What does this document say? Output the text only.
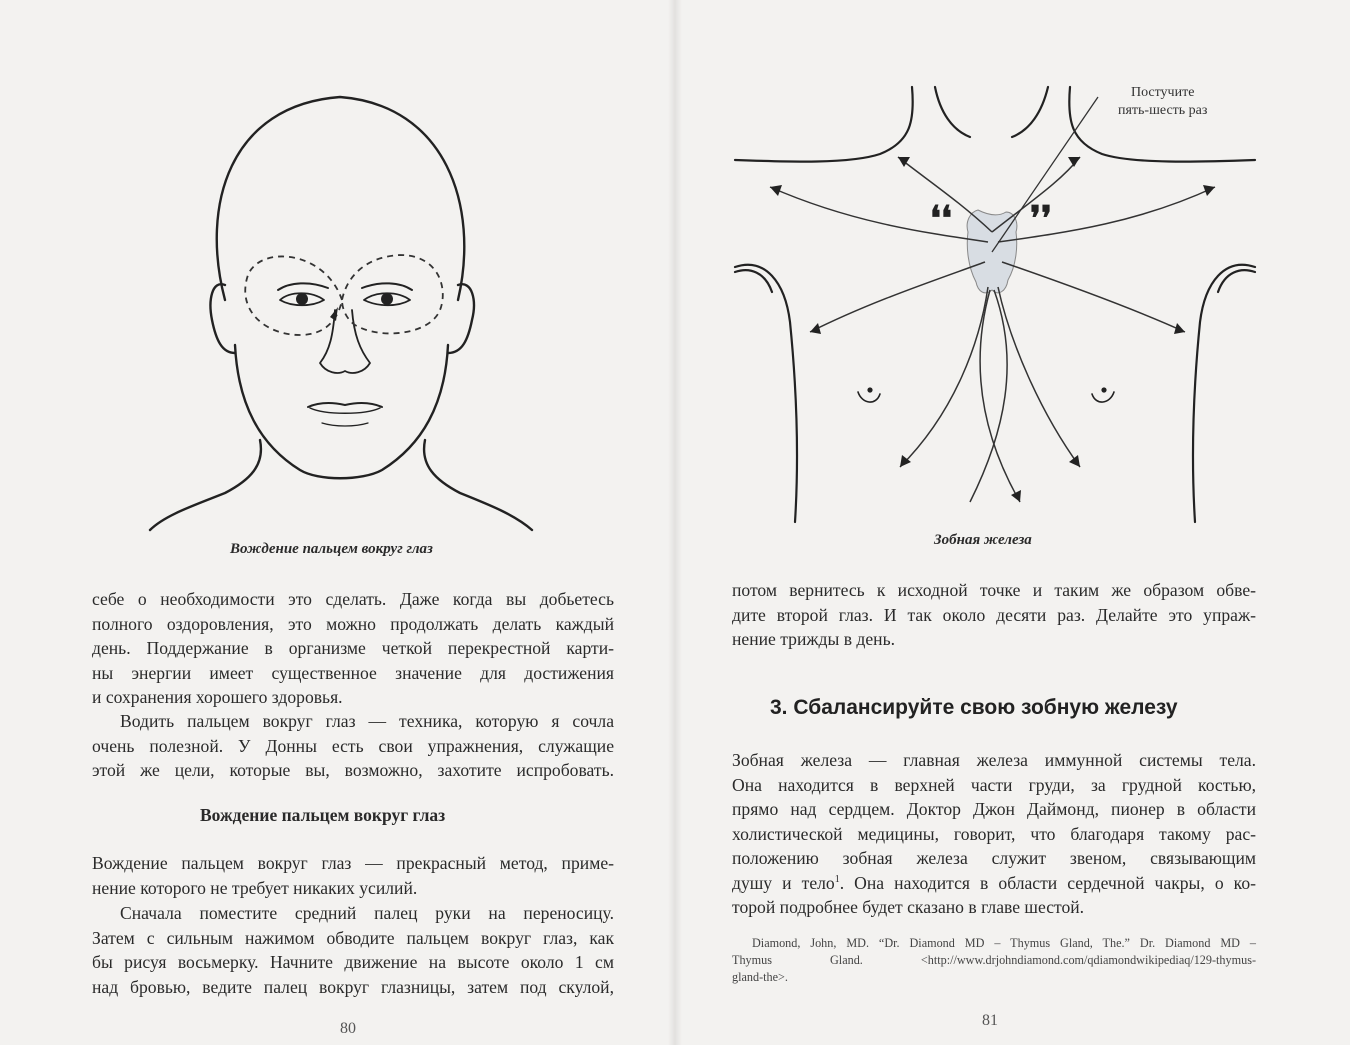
Вождение пальцем вокруг глаз
себе о необходимости это сделать. Даже когда вы добьетесь
полного оздоровления, это можно продолжать делать каждый
день. Поддержание в организме четкой перекрестной карти-
ны энергии имеет существенное значение для достижения
и сохранения хорошего здоровья.
Водить пальцем вокруг глаз — техника, которую я сочла
очень полезной. У Донны есть свои упражнения, служащие
этой же цели, которые вы, возможно, захотите испробовать.
Вождение пальцем вокруг глаз
Вождение пальцем вокруг глаз — прекрасный метод, приме-
нение которого не требует никаких усилий.
Сначала поместите средний палец руки на переносицу.
Затем с сильным нажимом обводите пальцем вокруг глаз, как
бы рисуя восьмерку. Начните движение на высоте около 1 см
над бровью, ведите палец вокруг глазницы, затем под скулой,
80
❛❛ ❜❜
Постучите
пять-шесть раз
Зобная железа
потом вернитесь к исходной точке и таким же образом обве-
дите второй глаз. И так около десяти раз. Делайте это упраж-
нение трижды в день.
3. Сбалансируйте свою зобную железу
Зобная железа — главная железа иммунной системы тела.
Она находится в верхней части груди, за грудной костью,
прямо над сердцем. Доктор Джон Даймонд, пионер в области
холистической медицины, говорит, что благодаря такому рас-
положению зобная железа служит звеном, связывающим
душу и тело$^1$. Она находится в области сердечной чакры, о ко-
торой подробнее будет сказано в главе шестой.
Diamond, John, MD. “Dr. Diamond MD – Thymus Gland, The.” Dr. Diamond MD –
Thymus Gland. <http://www.drjohndiamond.com/qdiamondwikipediaq/129-thymus-
gland-the>.
81
